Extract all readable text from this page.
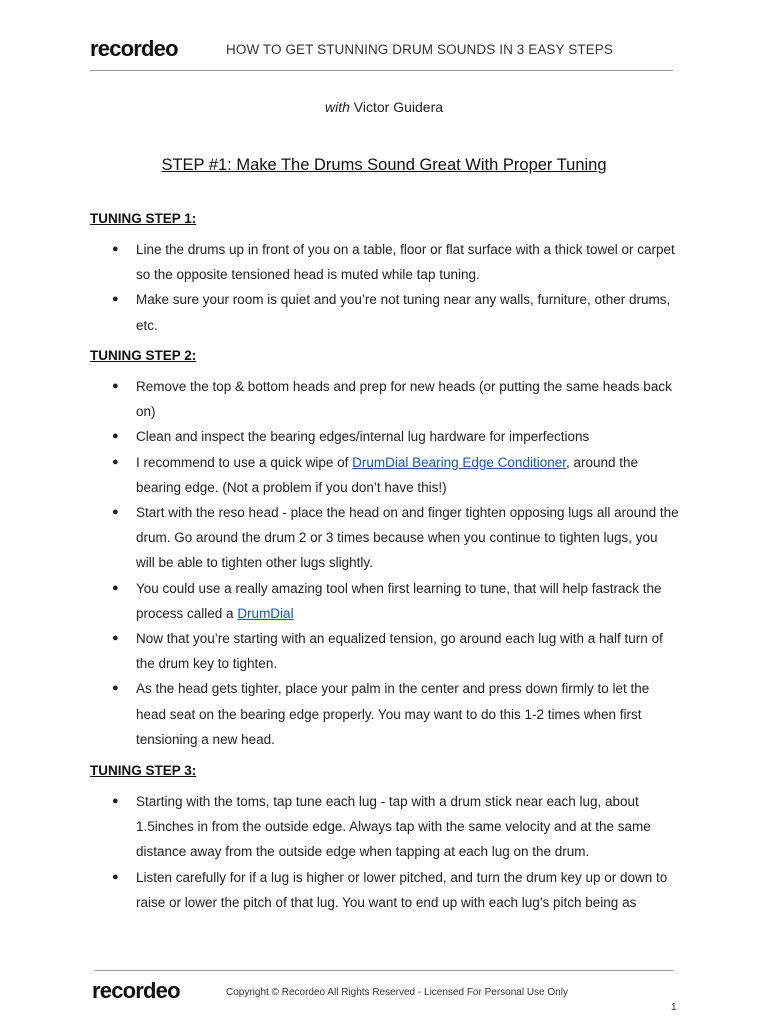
recordeo	HOW TO GET STUNNING DRUM SOUNDS IN 3 EASY STEPS
with Victor Guidera
STEP #1: Make The Drums Sound Great With Proper Tuning
TUNING STEP 1:
● Line the drums up in front of you on a table, floor or flat surface with a thick towel or carpet so the opposite tensioned head is muted while tap tuning.
● Make sure your room is quiet and you’re not tuning near any walls, furniture, other drums, etc.
TUNING STEP 2:
● Remove the top & bottom heads and prep for new heads (or putting the same heads back on)
● Clean and inspect the bearing edges/internal lug hardware for imperfections
● I recommend to use a quick wipe of DrumDial Bearing Edge Conditioner, around the bearing edge. (Not a problem if you don’t have this!)
● Start with the reso head - place the head on and finger tighten opposing lugs all around the drum. Go around the drum 2 or 3 times because when you continue to tighten lugs, you will be able to tighten other lugs slightly.
● You could use a really amazing tool when first learning to tune, that will help fastrack the process called a DrumDial
● Now that you’re starting with an equalized tension, go around each lug with a half turn of the drum key to tighten.
● As the head gets tighter, place your palm in the center and press down firmly to let the head seat on the bearing edge properly. You may want to do this 1-2 times when first tensioning a new head.
TUNING STEP 3:
● Starting with the toms, tap tune each lug - tap with a drum stick near each lug, about 1.5inches in from the outside edge. Always tap with the same velocity and at the same distance away from the outside edge when tapping at each lug on the drum.
● Listen carefully for if a lug is higher or lower pitched, and turn the drum key up or down to raise or lower the pitch of that lug. You want to end up with each lug’s pitch being as
recordeo	Copyright © Recordeo All Rights Reserved - Licensed For Personal Use Only
1
